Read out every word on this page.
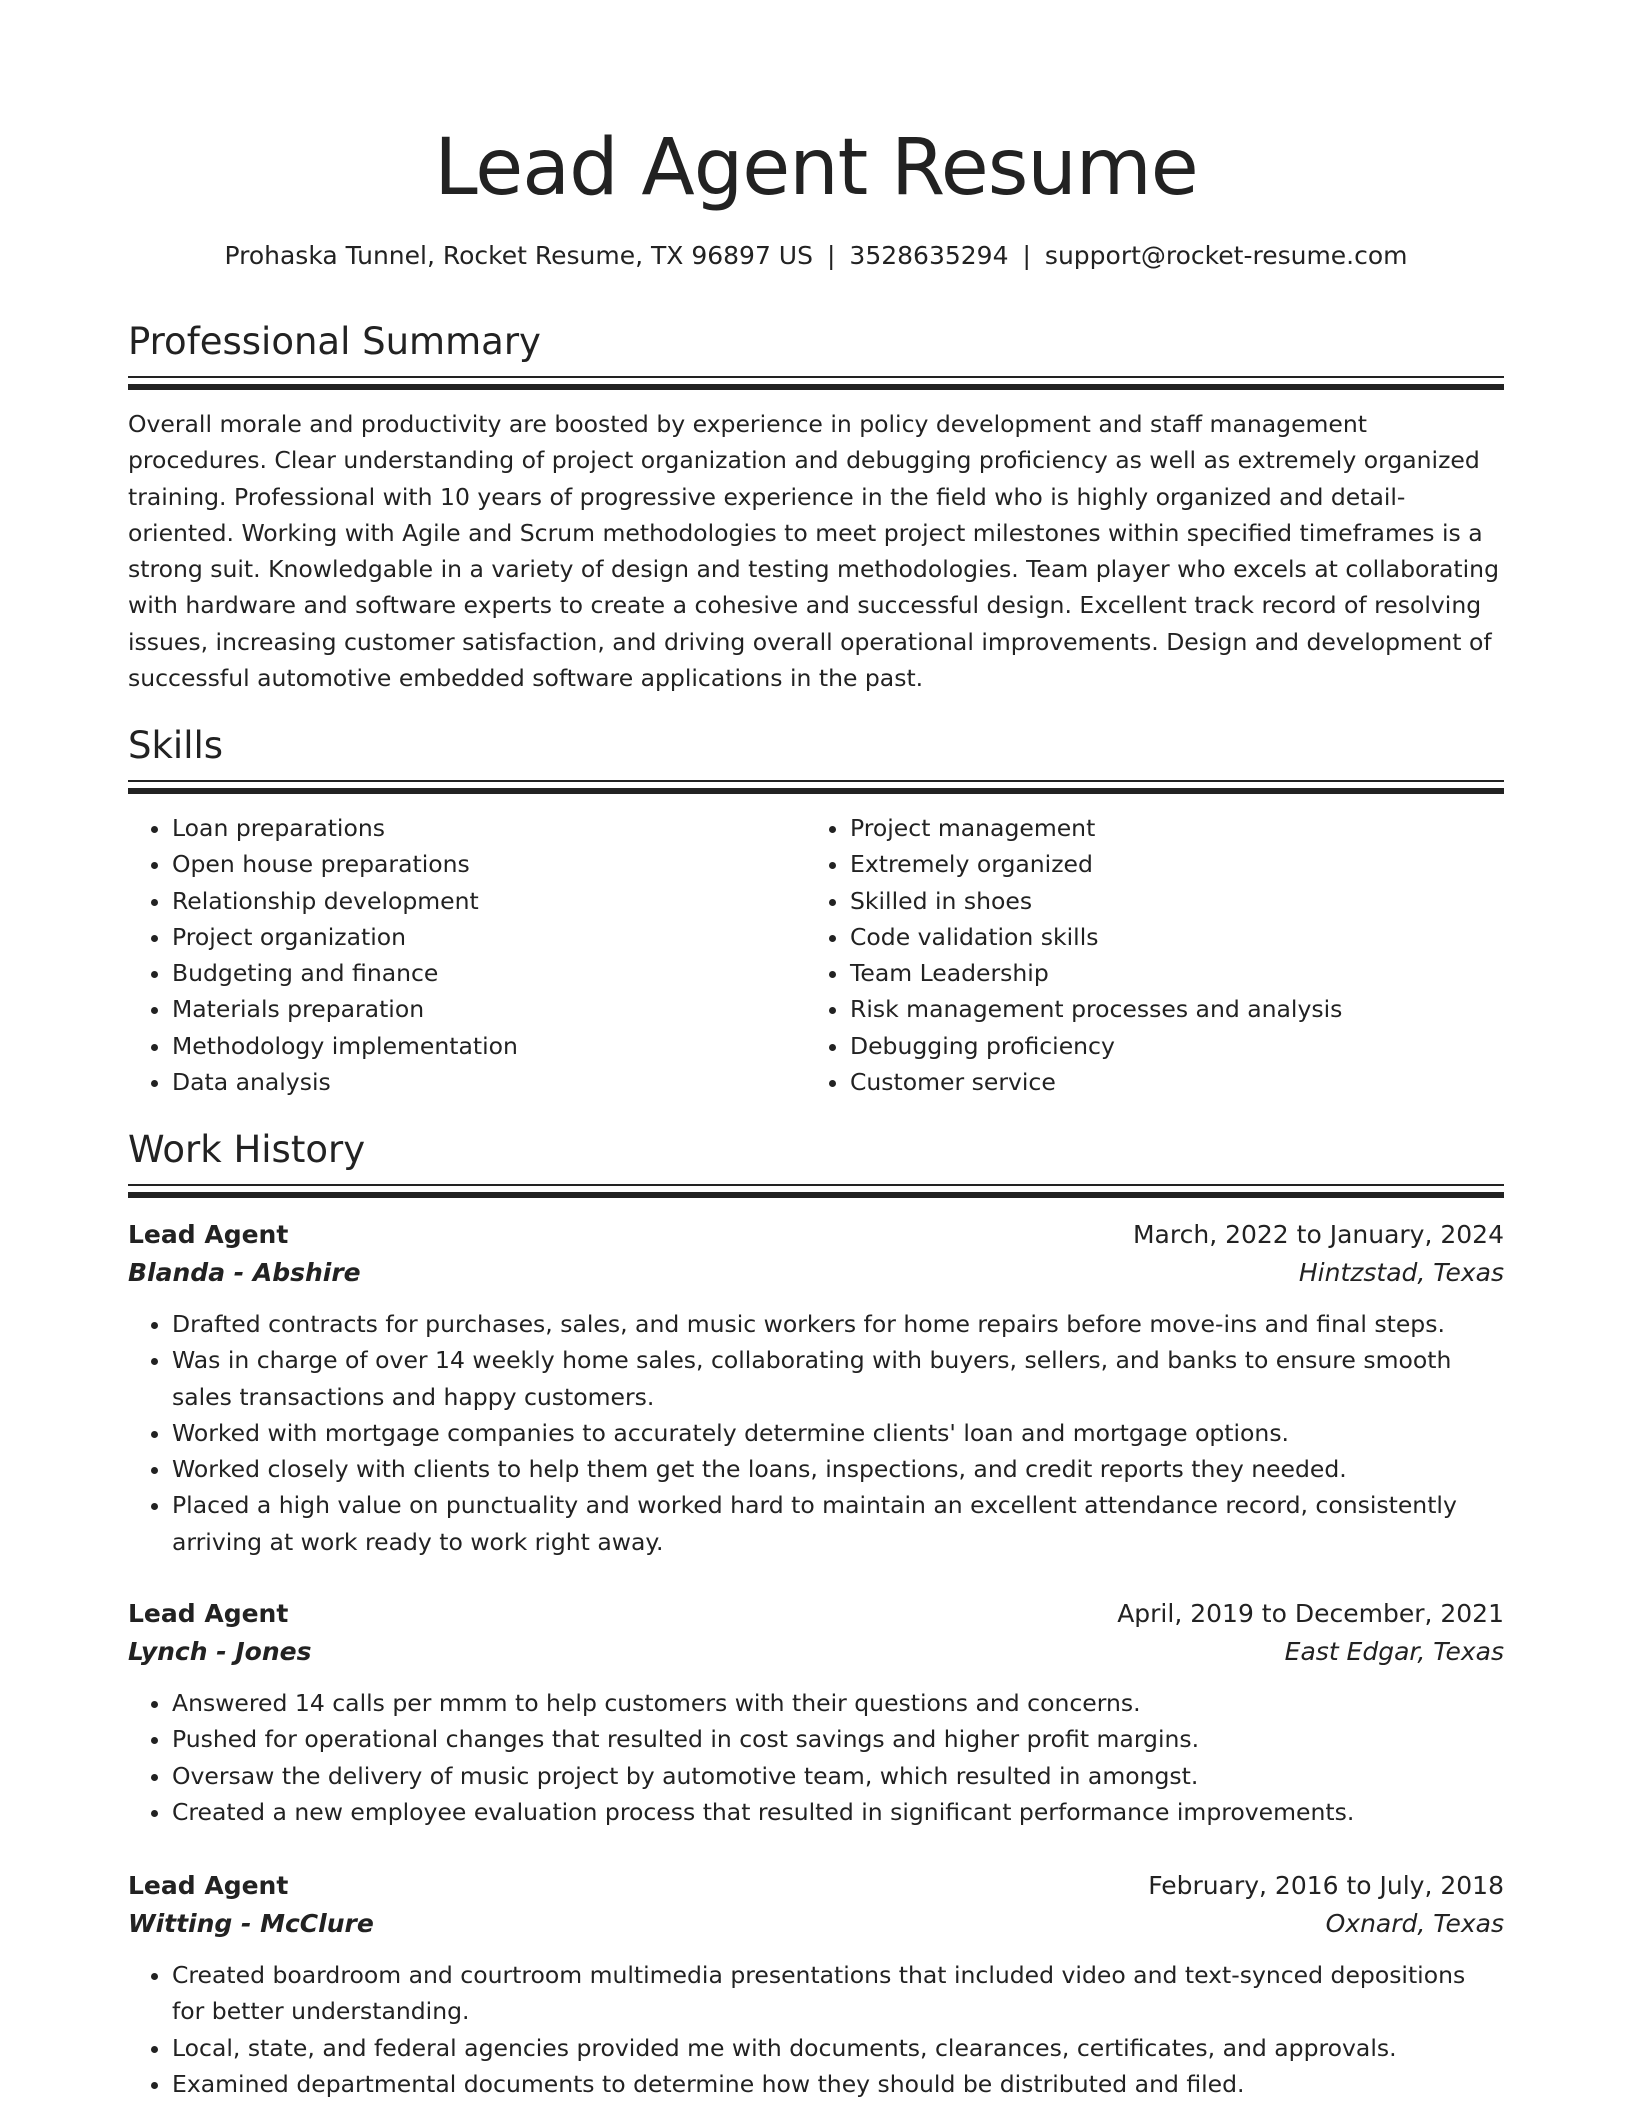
Lead Agent Resume
Prohaska Tunnel, Rocket Resume, TX 96897 US | 3528635294 | support@rocket-resume.com
Professional Summary
Overall morale and productivity are boosted by experience in policy development and staff management procedures. Clear understanding of project organization and debugging proficiency as well as extremely organized training. Professional with 10 years of progressive experience in the field who is highly organized and detail-oriented. Working with Agile and Scrum methodologies to meet project milestones within specified timeframes is a strong suit. Knowledgable in a variety of design and testing methodologies. Team player who excels at collaborating with hardware and software experts to create a cohesive and successful design. Excellent track record of resolving issues, increasing customer satisfaction, and driving overall operational improvements. Design and development of successful automotive embedded software applications in the past.
Skills
• Loan preparations
• Open house preparations
• Relationship development
• Project organization
• Budgeting and finance
• Materials preparation
• Methodology implementation
• Data analysis
• Project management
• Extremely organized
• Skilled in shoes
• Code validation skills
• Team Leadership
• Risk management processes and analysis
• Debugging proficiency
• Customer service
Work History
Lead Agent	March, 2022 to January, 2024
Blanda - Abshire	Hintzstad, Texas
• Drafted contracts for purchases, sales, and music workers for home repairs before move-ins and final steps.
• Was in charge of over 14 weekly home sales, collaborating with buyers, sellers, and banks to ensure smooth sales transactions and happy customers.
• Worked with mortgage companies to accurately determine clients' loan and mortgage options.
• Worked closely with clients to help them get the loans, inspections, and credit reports they needed.
• Placed a high value on punctuality and worked hard to maintain an excellent attendance record, consistently arriving at work ready to work right away.
Lead Agent	April, 2019 to December, 2021
Lynch - Jones	East Edgar, Texas
• Answered 14 calls per mmm to help customers with their questions and concerns.
• Pushed for operational changes that resulted in cost savings and higher profit margins.
• Oversaw the delivery of music project by automotive team, which resulted in amongst.
• Created a new employee evaluation process that resulted in significant performance improvements.
Lead Agent	February, 2016 to July, 2018
Witting - McClure	Oxnard, Texas
• Created boardroom and courtroom multimedia presentations that included video and text-synced depositions for better understanding.
• Local, state, and federal agencies provided me with documents, clearances, certificates, and approvals.
• Examined departmental documents to determine how they should be distributed and filed.
